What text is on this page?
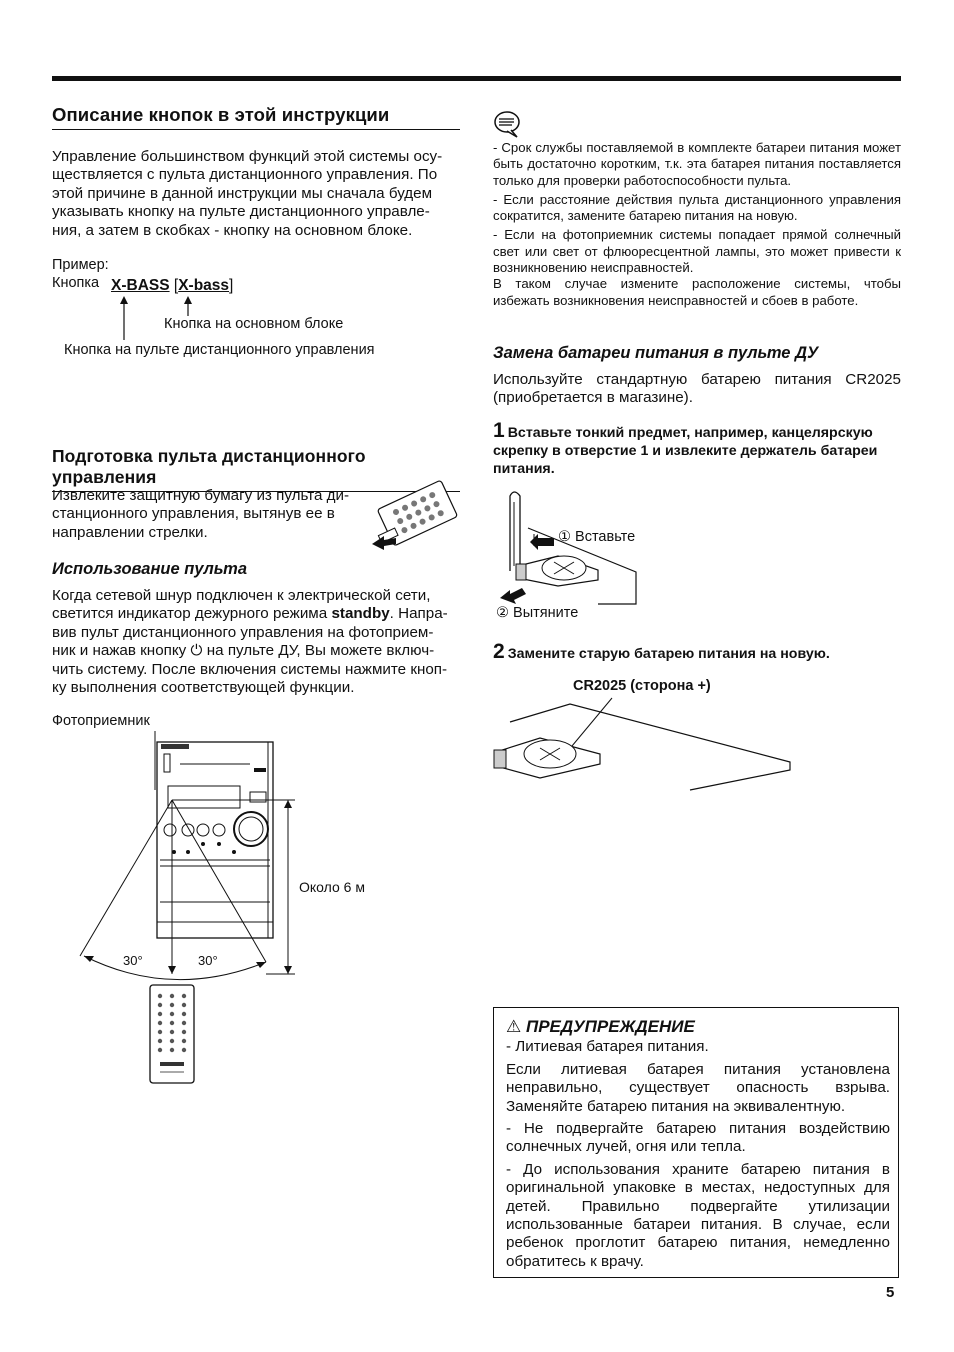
Описание кнопок в этой инструкции

Управление большинством функций этой системы осу-

ществляется с пульта дистанционного управления. По

этой причине в данной инструкции мы сначала будем

указывать кнопку на пульте дистанционного управле-

ния, а затем в скобках - кнопку на основном блоке.

Пример:
Кнопка X-BASS [X-bass]
Кнопка на основном блоке
Кнопка на пульте дистанционного управления
Подготовка пульта дистанционного управления

Извлеките защитную бумагу из пульта ди-

станционного управления, вытянув ее в

направлении стрелки.

Использование пульта

Когда сетевой шнур подключен к электрической сети,

светится индикатор дежурного режима standby. Напра-

вив пульт дистанционного управления на фотоприем-

ник и нажав кнопку ⏻ на пульте ДУ, Вы можете включ-

чить систему. После включения системы нажмите кноп-

ку выполнения соответствующей функции.

Фотоприемник
30°	30°
Около 6 м

- Срок службы поставляемой в комплекте батареи питания может быть достаточно коротким, т.к. эта батарея питания поставляется только для проверки работоспособности пульта.

- Если расстояние действия пульта дистанционного управления сократится, замените батарею питания на новую.

- Если на фотоприемник системы попадает прямой солнечный свет или свет от флюоресцентной лампы, это может привести к возникновению неисправностей.

В таком случае измените расположение системы, чтобы избежать возникновения неисправностей и сбоев в работе.

Замена батареи питания в пульте ДУ
Используйте стандартную батарею питания CR2025 (приобретается в магазине).
1 Вставьте тонкий предмет, например, канцелярскую скрепку в отверстие 1 и извлеките держатель батареи питания.
① Вставьте
② Вытяните
2 Замените старую батарею питания на новую.
CR2025 (сторона +)
⚠ ПРЕДУПРЕЖДЕНИЕ

- Литиевая батарея питания.

Если литиевая батарея питания установлена неправильно, существует опасность взрыва. Заменяйте батарею питания на эквивалентную.

- Не подвергайте батарею питания воздействию солнечных лучей, огня или тепла.

- До использования храните батарею питания в оригинальной упаковке в местах, недоступных для детей. Правильно подвергайте утилизации использованные батареи питания. В случае, если ребенок проглотит батарею питания, немедленно обратитесь к врачу.

5
